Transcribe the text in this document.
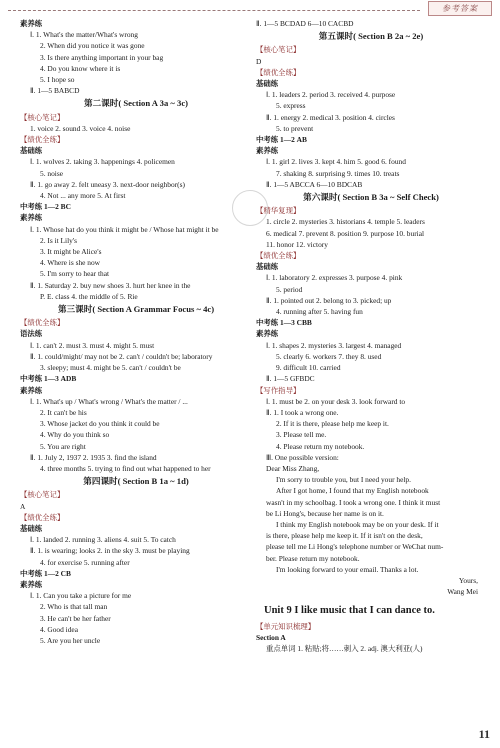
参考答案
素养练
Ⅰ. 1. What's the matter/What's wrong
2. When did you notice it was gone
3. Is there anything important in your bag
4. Do you know where it is
5. I hope so
Ⅱ. 1—5 BABCD
第二课时( Section A 3a ~ 3c)
【核心笔记】
1. voice 2. sound 3. voice 4. noise
【绩优全练】
基础练
Ⅰ. 1. wolves 2. taking 3. happenings 4. policemen
5. noise
Ⅱ. 1. go away 2. felt uneasy 3. next-door neighbor(s)
4. Not ... any more 5. At first
中考练 1—2 BC
素养练
Ⅰ. 1. Whose hat do you think it might be / Whose hat might it be
2. Is it Lily's
3. It might be Alice's
4. Where is she now
5. I'm sorry to hear that
Ⅱ. 1. Saturday 2. buy new shoes 3. hurt her knee in the
P. E. class 4. the middle of 5. Rie
第三课时( Section A Grammar Focus ~ 4c)
【绩优全练】
语法练
Ⅰ. 1. can't 2. must 3. must 4. might 5. must
Ⅱ. 1. could/might/ may not be 2. can't / couldn't be; laboratory
3. sleepy; must 4. might be 5. can't / couldn't be
中考练 1—3 ADB
素养练
Ⅰ. 1. What's up / What's wrong / What's the matter / ...
2. It can't be his
3. Whose jacket do you think it could be
4. Why do you think so
5. You are right
Ⅱ. 1. July 2, 1937 2. 1935 3. find the island
4. three months 5. trying to find out what happened to her
第四课时( Section B 1a ~ 1d)
【核心笔记】
A
【绩优全练】
基础练
Ⅰ. 1. landed 2. running 3. aliens 4. suit 5. To catch
Ⅱ. 1. is wearing; looks 2. in the sky 3. must be playing
4. for exercise 5. running after
中考练 1—2 CB
素养练
Ⅰ. 1. Can you take a picture for me
2. Who is that tall man
3. He can't be her father
4. Good idea
5. Are you her uncle
Ⅱ. 1—5 BCDAD 6—10 CACBD
第五课时( Section B 2a ~ 2e)
【核心笔记】
D
【绩优全练】
基础练
Ⅰ. 1. leaders 2. period 3. received 4. purpose
5. express
Ⅱ. 1. energy 2. medical 3. position 4. circles
5. to prevent
中考练 1—2 AB
素养练
Ⅰ. 1. girl 2. lives 3. kept 4. him 5. good 6. found
7. shaking 8. surprising 9. times 10. treats
Ⅱ. 1—5 ABCCA 6—10 BDCAB
第六课时( Section B 3a ~ Self Check)
【精华复现】
1. circle 2. mysteries 3. historians 4. temple 5. leaders
6. medical 7. prevent 8. position 9. purpose 10. burial
11. honor 12. victory
【绩优全练】
基础练
Ⅰ. 1. laboratory 2. expresses 3. purpose 4. pink
5. period
Ⅱ. 1. pointed out 2. belong to 3. picked; up
4. running after 5. having fun
中考练 1—3 CBB
素养练
Ⅰ. 1. shapes 2. mysteries 3. largest 4. managed
5. clearly 6. workers 7. they 8. used
9. difficult 10. carried
Ⅱ. 1—5 GFBDC
【写作指导】
Ⅰ. 1. must be 2. on your desk 3. look forward to
Ⅱ. 1. I took a wrong one.
2. If it is there, please help me keep it.
3. Please tell me.
4. Please return my notebook.
Ⅲ. One possible version:
Dear Miss Zhang,
I'm sorry to trouble you, but I need your help.
After I got home, I found that my English notebook
wasn't in my schoolbag. I took a wrong one. I think it must
be Li Hong's, because her name is on it.
I think my English notebook may be on your desk. If it
is there, please help me keep it. If it isn't on the desk,
please tell me Li Hong's telephone number or WeChat num-
ber. Please return my notebook.
I'm looking forward to your email. Thanks a lot.
Yours,
Wang Mei
Unit 9 I like music that I can dance to.
【单元知识梳理】
Section A
重点单词 1. 粘贴;将……刺入 2. adj. 澳大利亚(人)
11
